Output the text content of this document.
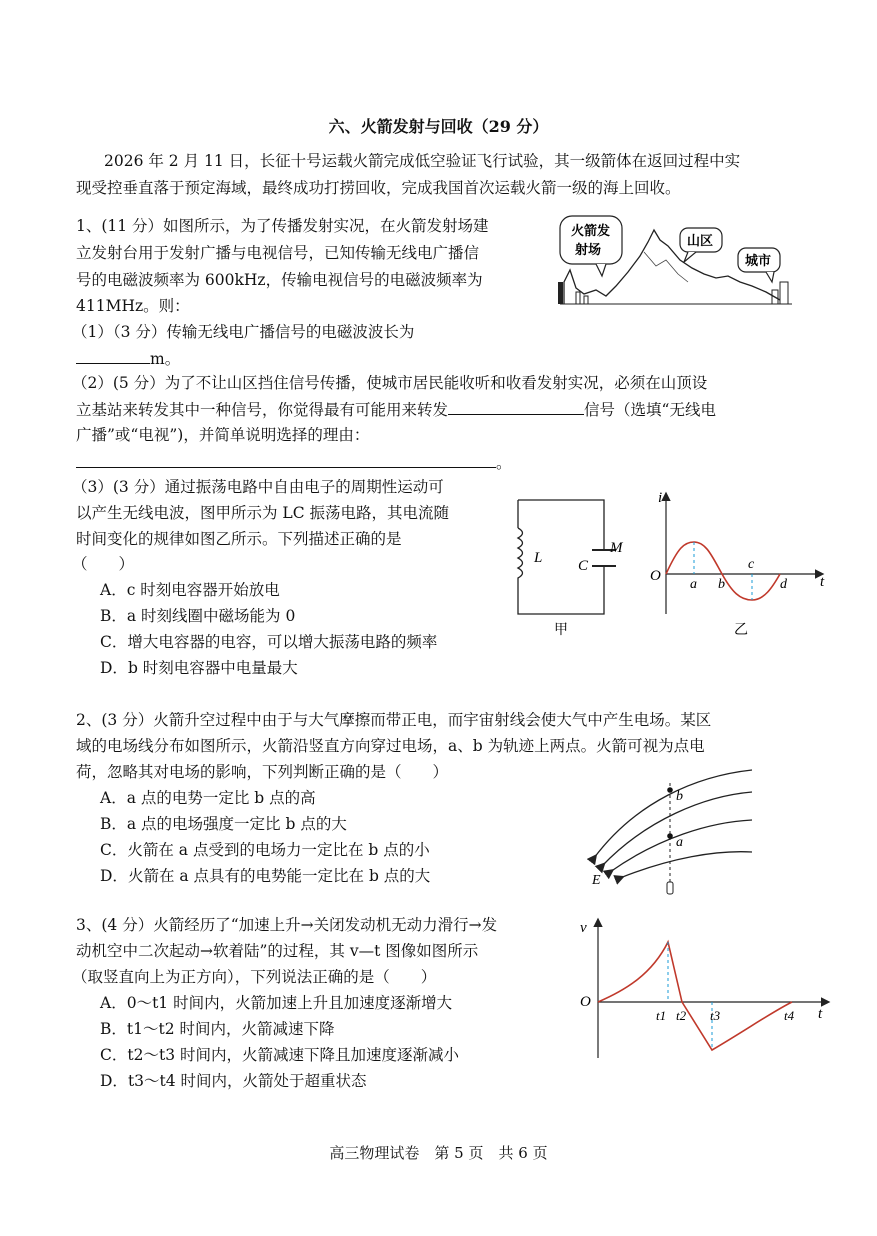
六、火箭发射与回收（29 分）
2026 年 2 月 11 日，长征十号运载火箭完成低空验证飞行试验，其一级箭体在返回过程中实
现受控垂直落于预定海域，最终成功打捞回收，完成我国首次运载火箭一级的海上回收。
1、(11 分）如图所示，为了传播发射实况，在火箭发射场建
立发射台用于发射广播与电视信号，已知传输无线电广播信
号的电磁波频率为 600kHz，传输电视信号的电磁波频率为
411MHz。则：
（1）（3 分）传输无线电广播信号的电磁波波长为
m。
（2）(5 分）为了不让山区挡住信号传播，使城市居民能收听和收看发射实况，必须在山顶设
立基站来转发其中一种信号，你觉得最有可能用来转发	信号（选填“无线电
广播”或“电视”)，并简单说明选择的理由：
。
（3）(3 分）通过振荡电路中自由电子的周期性运动可
以产生无线电波，图甲所示为 LC 振荡电路，其电流随
时间变化的规律如图乙所示。下列描述正确的是
（　　）
A．c 时刻电容器开始放电
B．a 时刻线圈中磁场能为 0
C．增大电容器的电容，可以增大振荡电路的频率
D．b 时刻电容器中电量最大
火箭发
射场
山区
城市
L C
M
甲
i
t
O
a b
c
d
乙
2、(3 分）火箭升空过程中由于与大气摩擦而带正电，而宇宙射线会使大气中产生电场。某区
域的电场线分布如图所示，火箭沿竖直方向穿过电场，a、b 为轨迹上两点。火箭可视为点电
荷，忽略其对电场的影响，下列判断正确的是（　　）
A．a 点的电势一定比 b 点的高
B．a 点的电场强度一定比 b 点的大
C．火箭在 a 点受到的电场力一定比在 b 点的小
D．火箭在 a 点具有的电势能一定比在 b 点的大
b
a
E
3、(4 分）火箭经历了“加速上升→关闭发动机无动力滑行→发
动机空中二次起动→软着陆”的过程，其 v—t 图像如图所示
（取竖直向上为正方向），下列说法正确的是（　　）
A．0～t1 时间内，火箭加速上升且加速度逐渐增大
B．t1～t2 时间内，火箭减速下降
C．t2～t3 时间内，火箭减速下降且加速度逐渐减小
D．t3～t4 时间内，火箭处于超重状态
v
t
O
t1 t2 t3	t4
高三物理试卷　第 5 页　共 6 页
